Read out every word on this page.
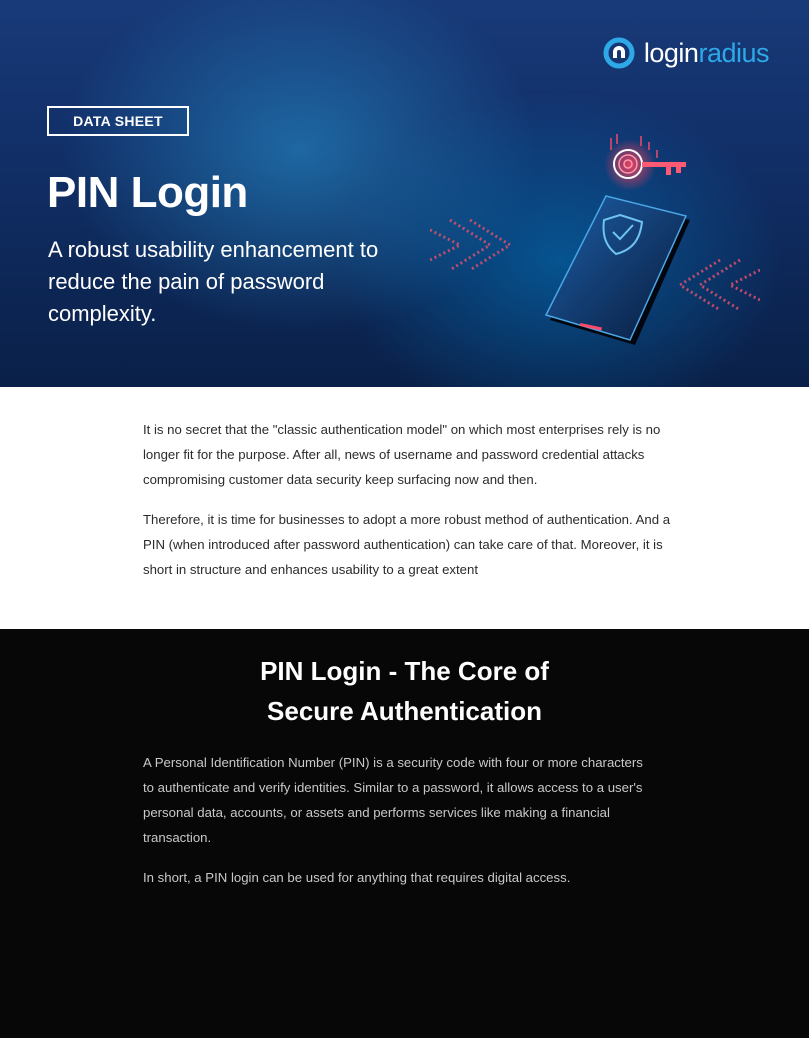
loginradius
DATA SHEET
PIN Login

A robust usability enhancement to reduce the pain of password complexity.

It is no secret that the "classic authentication model" on which most enterprises rely is no longer fit for the purpose. After all, news of username and password credential attacks compromising customer data security keep surfacing now and then.

Therefore, it is time for businesses to adopt a more robust method of authentication. And a PIN (when introduced after password authentication) can take care of that. Moreover, it is short in structure and enhances usability to a great extent

PIN Login - The Core of
Secure Authentication

A Personal Identification Number (PIN) is a security code with four or more characters to authenticate and verify identities. Similar to a password, it allows access to a user's personal data, accounts, or assets and performs services like making a financial transaction.

In short, a PIN login can be used for anything that requires digital access.
